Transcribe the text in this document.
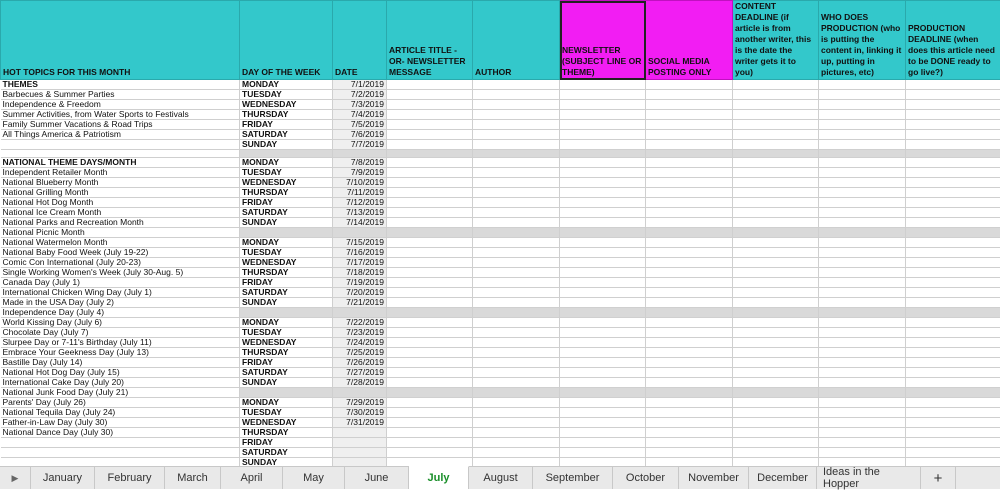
HOT TOPICS FOR THIS MONTH	DAY OF THE WEEK	DATE	ARTICLE TITLE -OR- NEWSLETTER MESSAGE	AUTHOR	NEWSLETTER (SUBJECT LINE OR THEME)	SOCIAL MEDIA POSTING ONLY	CONTENT DEADLINE (if article is from another writer, this is the date the writer gets it to you)	WHO DOES PRODUCTION (who is putting the content in, linking it up, putting in pictures, etc)	PRODUCTION DEADLINE (when does this article need to be DONE ready to go live?)
THEMES	MONDAY	7/1/2019							
Barbecues & Summer Parties	TUESDAY	7/2/2019							
Independence & Freedom	WEDNESDAY	7/3/2019							
Summer Activities, from Water Sports to Festivals	THURSDAY	7/4/2019							
Family Summer Vacations & Road Trips	FRIDAY	7/5/2019							
All Things America & Patriotism	SATURDAY	7/6/2019							
	SUNDAY	7/7/2019							

NATIONAL THEME DAYS/MONTH	MONDAY	7/8/2019							
Independent Retailer Month	TUESDAY	7/9/2019							
National Blueberry Month	WEDNESDAY	7/10/2019							
National Grilling Month	THURSDAY	7/11/2019							
National Hot Dog Month	FRIDAY	7/12/2019							
National Ice Cream Month	SATURDAY	7/13/2019							
National Parks and Recreation Month	SUNDAY	7/14/2019							
National Picnic Month									
National Watermelon Month	MONDAY	7/15/2019							
National Baby Food Week (July 19-22)	TUESDAY	7/16/2019							
Comic Con International (July 20-23)	WEDNESDAY	7/17/2019							
Single Working Women's Week (July 30-Aug. 5)	THURSDAY	7/18/2019							
Canada Day (July 1)	FRIDAY	7/19/2019							
International Chicken Wing Day (July 1)	SATURDAY	7/20/2019							
Made in the USA Day (July 2)	SUNDAY	7/21/2019							
Independence Day (July 4)									
World Kissing Day (July 6)	MONDAY	7/22/2019							
Chocolate Day (July 7)	TUESDAY	7/23/2019							
Slurpee Day or 7-11's Birthday (July 11)	WEDNESDAY	7/24/2019							
Embrace Your Geekness Day (July 13)	THURSDAY	7/25/2019							
Bastille Day (July 14)	FRIDAY	7/26/2019							
National Hot Dog Day (July 15)	SATURDAY	7/27/2019							
International Cake Day (July 20)	SUNDAY	7/28/2019							
National Junk Food Day (July 21)									
Parents' Day (July 26)	MONDAY	7/29/2019							
National Tequila Day (July 24)	TUESDAY	7/30/2019							
Father-in-Law Day (July 30)	WEDNESDAY	7/31/2019							
National Dance Day (July 30)	THURSDAY								
	FRIDAY								
	SATURDAY								
	SUNDAY								
▶	January	February	March	April	May	June	July	August	September	October	November	December	Ideas in the Hopper	+
